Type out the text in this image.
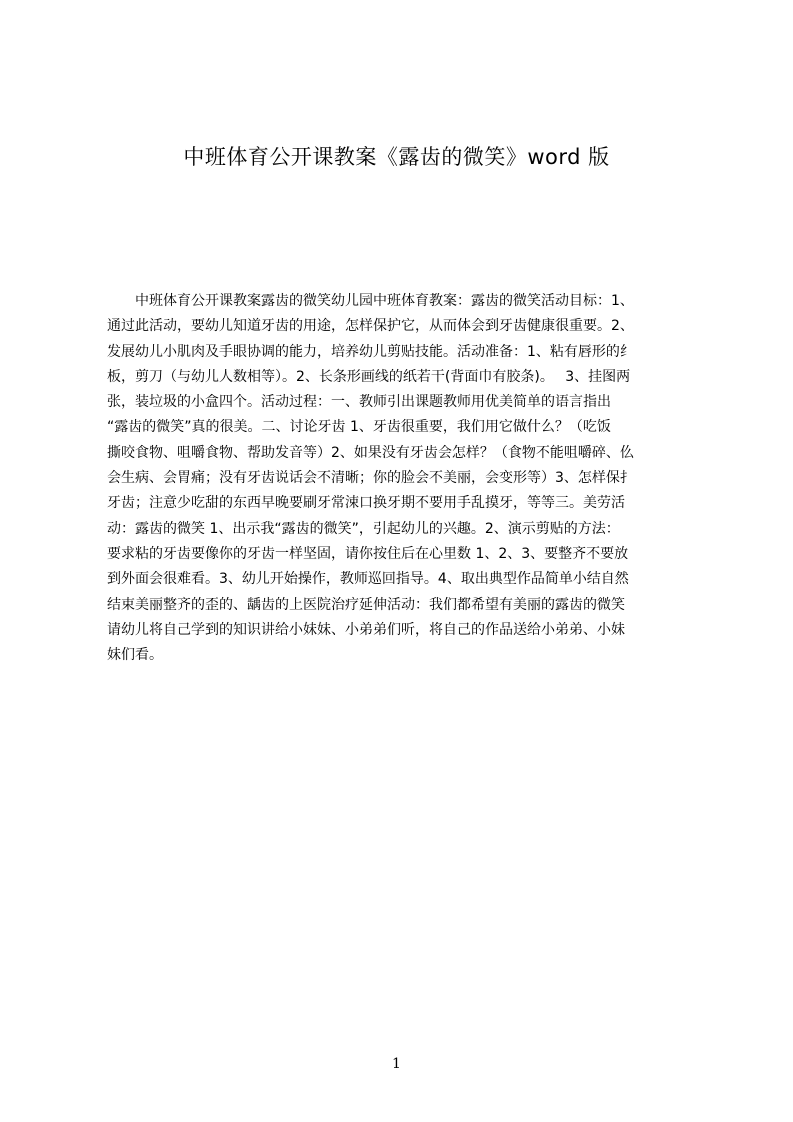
中班体育公开课教案《露齿的微笑》word 版
　　中班体育公开课教案露齿的微笑幼儿园中班体育教案：露齿的微笑活动目标：1、
通过此活动，要幼儿知道牙齿的用途，怎样保护它，从而体会到牙齿健康很重要。2、
发展幼儿小肌肉及手眼协调的能力，培养幼儿剪贴技能。活动准备：1、粘有唇形的纟
板，剪刀（与幼儿人数相等）。2、长条形画线的纸若干(背面巾有胶条)。　 3、挂图两
张，装垃圾的小盒四个。活动过程：一、教师引出课题教师用优美简单的语言指出
“露齿的微笑”真的很美。二、讨论牙齿 1、牙齿很重要，我们用它做什么？（吃饭
撕咬食物、咀嚼食物、帮助发音等）2、如果没有牙齿会怎样？（食物不能咀嚼碎、仫
会生病、会胃痛；没有牙齿说话会不清晰；你的脸会不美丽，会变形等）3、怎样保扌
牙齿；注意少吃甜的东西早晚要刷牙常涑口换牙期不要用手乱摸牙，等等三。美劳活
动：露齿的微笑 1、出示我“露齿的微笑”，引起幼儿的兴趣。2、演示剪贴的方法：
要求粘的牙齿要像你的牙齿一样坚固，请你按住后在心里数 1、2、3、要整齐不要放
到外面会很难看。3、幼儿开始操作，教师巡回指导。4、取出典型作品简单小结自然
结束美丽整齐的歪的、龋齿的上医院治疗延伸活动：我们都希望有美丽的露齿的微笑
请幼儿将自己学到的知识讲给小妹妹、小弟弟们听，将自己的作品送给小弟弟、小妹
妹们看。
1
